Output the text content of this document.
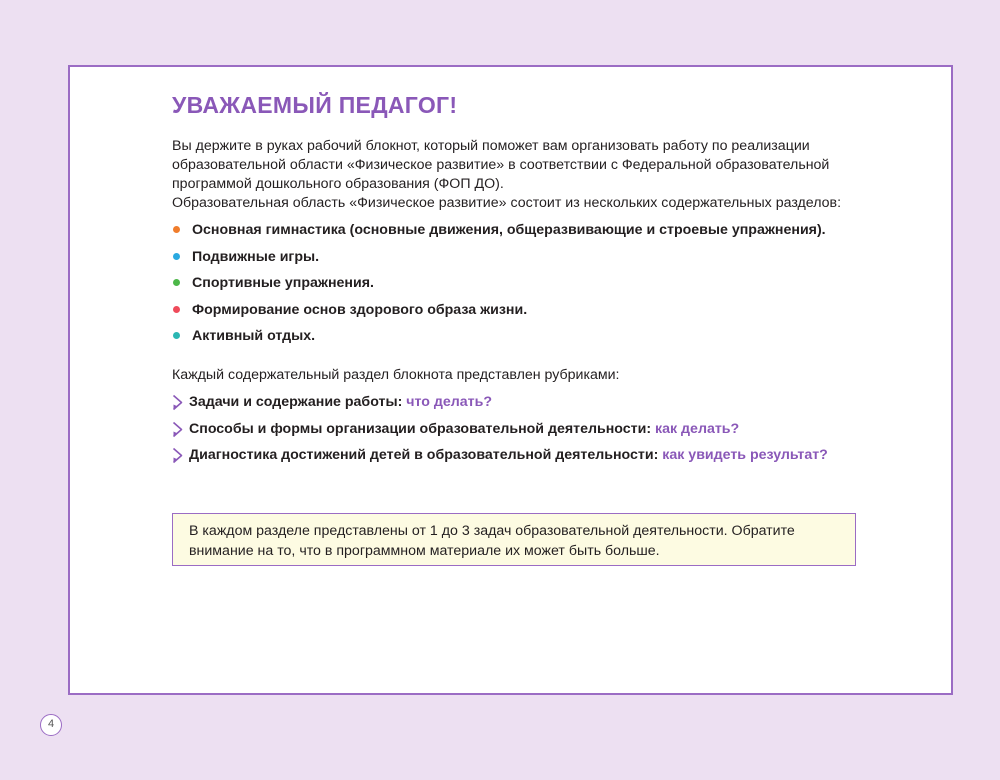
УВАЖАЕМЫЙ ПЕДАГОГ!

Вы держите в руках рабочий блокнот, который поможет вам организовать работу по реализации образовательной области «Физическое развитие» в соответствии с Федеральной образовательной программой дошкольного образования (ФОП ДО).

Образовательная область «Физическое развитие» состоит из нескольких содержательных разделов:

Основная гимнастика (основные движения, общеразвивающие и строевые упражнения).
Подвижные игры.
Спортивные упражнения.
Формирование основ здорового образа жизни.
Активный отдых.

Каждый содержательный раздел блокнота представлен рубриками:

Задачи и содержание работы: что делать?
Способы и формы организации образовательной деятельности: как делать?
Диагностика достижений детей в образовательной деятельности: как увидеть результат?
В каждом разделе представлены от 1 до 3 задач образовательной деятельности. Обратите внимание на то, что в программном материале их может быть больше.
4
